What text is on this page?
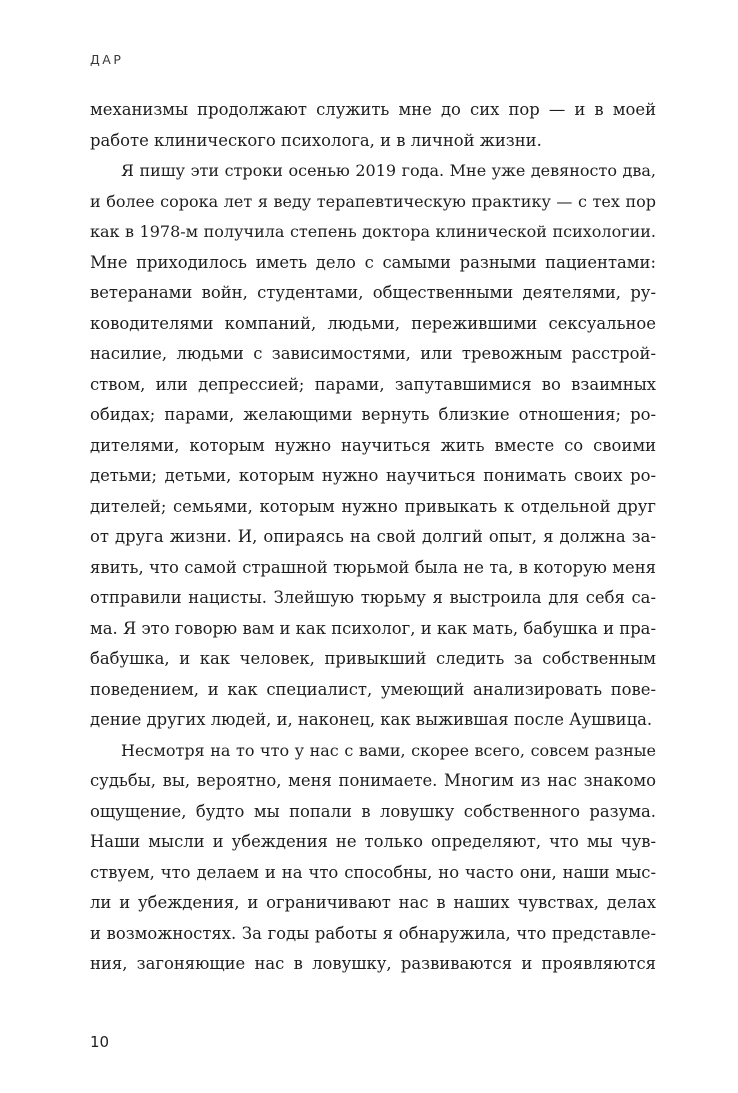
ДАР
механизмы продолжают служить мне до сих пор — и в моей
работе клинического психолога, и в личной жизни.
Я пишу эти строки осенью 2019 года. Мне уже девяносто два,
и более сорока лет я веду терапевтическую практику — с тех пор
как в 1978-м получила степень доктора клинической психологии.
Мне приходилось иметь дело с самыми разными пациентами:
ветеранами войн, студентами, общественными деятелями, ру-
ководителями компаний, людьми, пережившими сексуальное
насилие, людьми с зависимостями, или тревожным расстрой-
ством, или депрессией; парами, запутавшимися во взаимных
обидах; парами, желающими вернуть близкие отношения; ро-
дителями, которым нужно научиться жить вместе со своими
детьми; детьми, которым нужно научиться понимать своих ро-
дителей; семьями, которым нужно привыкать к отдельной друг
от друга жизни. И, опираясь на свой долгий опыт, я должна за-
явить, что самой страшной тюрьмой была не та, в которую меня
отправили нацисты. Злейшую тюрьму я выстроила для себя са-
ма. Я это говорю вам и как психолог, и как мать, бабушка и пра-
бабушка, и как человек, привыкший следить за собственным
поведением, и как специалист, умеющий анализировать пове-
дение других людей, и, наконец, как выжившая после Аушвица.
Несмотря на то что у нас с вами, скорее всего, совсем разные
судьбы, вы, вероятно, меня понимаете. Многим из нас знакомо
ощущение, будто мы попали в ловушку собственного разума.
Наши мысли и убеждения не только определяют, что мы чув-
ствуем, что делаем и на что способны, но часто они, наши мыс-
ли и убеждения, и ограничивают нас в наших чувствах, делах
и возможностях. За годы работы я обнаружила, что представле-
ния, загоняющие нас в ловушку, развиваются и проявляются
10
